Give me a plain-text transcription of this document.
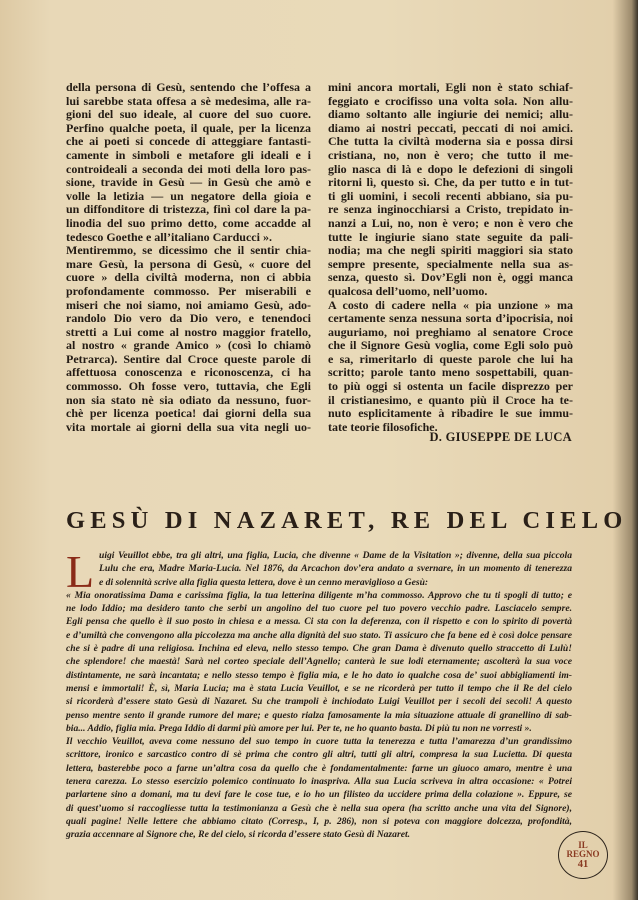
della persona di Gesù, sentendo che l’offesa a
lui sarebbe stata offesa a sè medesima, alle ra-
gioni del suo ideale, al cuore del suo cuore.
Perfino qualche poeta, il quale, per la licenza
che ai poeti si concede di atteggiare fantasti-
camente in simboli e metafore gli ideali e i
controideali a seconda dei moti della loro pas-
sione, travide in Gesù — in Gesù che amò e
volle la letizia — un negatore della gioia e
un diffonditore di tristezza, finì col dare la pa-
linodia del suo primo detto, come accadde al
tedesco Goethe e all’italiano Carducci ».
Mentiremmo, se dicessimo che il sentir chia-
mare Gesù, la persona di Gesù, « cuore del
cuore » della civiltà moderna, non ci abbia
profondamente commosso. Per miserabili e
miseri che noi siamo, noi amiamo Gesù, ado-
randolo Dio vero da Dio vero, e tenendoci
stretti a Lui come al nostro maggior fratello,
al nostro « grande Amico » (così lo chiamò
Petrarca). Sentire dal Croce queste parole di
affettuosa conoscenza e riconoscenza, ci ha
commosso. Oh fosse vero, tuttavia, che Egli
non sia stato nè sia odiato da nessuno, fuor-
chè per licenza poetica! dai giorni della sua
vita mortale ai giorni della sua vita negli uo-
mini ancora mortali, Egli non è stato schiaf-
feggiato e crocifisso una volta sola. Non allu-
diamo soltanto alle ingiurie dei nemici; allu-
diamo ai nostri peccati, peccati di noi amici.
Che tutta la civiltà moderna sia e possa dirsi
cristiana, no, non è vero; che tutto il me-
glio nasca di là e dopo le defezioni di singoli
ritorni lì, questo sì. Che, da per tutto e in tut-
ti gli uomini, i secoli recenti abbiano, sia pu-
re senza inginocchiarsi a Cristo, trepidato in-
nanzi a Lui, no, non è vero; e non è vero che
tutte le ingiurie siano state seguite da pali-
nodia; ma che negli spiriti maggiori sia stato
sempre presente, specialmente nella sua as-
senza, questo sì. Dov’Egli non è, oggi manca
qualcosa dell’uomo, nell’uomo.
A costo di cadere nella « pia unzione » ma
certamente senza nessuna sorta d’ipocrisia, noi
auguriamo, noi preghiamo al senatore Croce
che il Signore Gesù voglia, come Egli solo può
e sa, rimeritarlo di queste parole che lui ha
scritto; parole tanto meno sospettabili, quan-
to più oggi si ostenta un facile disprezzo per
il cristianesimo, e quanto più il Croce ha te-
nuto esplicitamente à ribadire le sue immu-
tate teorie filosofiche.
D. GIUSEPPE DE LUCA
GESÙ DI NAZARET, RE DEL CIELO
L uigi Veuillot ebbe, tra gli altri, una figlia, Lucia, che divenne « Dame de la Visitation »; divenne, della sua piccola
Lulu che era, Madre Maria-Lucia. Nel 1876, da Arcachon dov’era andato a svernare, in un momento di tenerezza
e di solennità scrive alla figlia questa lettera, dove è un cenno meraviglioso a Gesù:
« Mia onoratissima Dama e carissima figlia, la tua letterina diligente m’ha commosso. Approvo che tu ti spogli di tutto; e
ne lodo Iddio; ma desidero tanto che serbi un angolino del tuo cuore pel tuo povero vecchio padre. Lasciacelo sempre.
Egli pensa che quello è il suo posto in chiesa e a messa. Ci sta con la deferenza, con il rispetto e con lo spirito di povertà
e d’umiltà che convengono alla piccolezza ma anche alla dignità del suo stato. Ti assicuro che fa bene ed è così dolce pensare
che si è padre di una religiosa. Inchina ed eleva, nello stesso tempo. Che gran Dama è divenuto quello straccetto di Lulù!
che splendore! che maestà! Sarà nel corteo speciale dell’Agnello; canterà le sue lodi eternamente; ascolterà la sua voce
distintamente, ne sarà incantata; e nello stesso tempo è figlia mia, e le ho dato io qualche cosa de’ suoi abbigliamenti im-
mensi e immortali! È, sì, Maria Lucia; ma è stata Lucia Veuillot, e se ne ricorderà per tutto il tempo che il Re del cielo
si ricorderà d’essere stato Gesù di Nazaret. Su che trampoli è inchiodato Luigi Veuillot per i secoli dei secoli! A questo
penso mentre sento il grande rumore del mare; e questo rialza famosamente la mia situazione attuale di granellino di sab-
bia... Addio, figlia mia. Prega Iddio di darmi più amore per lui. Per te, ne ho quanto basta. Di più tu non ne vorresti ».
Il vecchio Veuillot, aveva come nessuno del suo tempo in cuore tutta la tenerezza e tutta l’amarezza d’un grandissimo
scrittore, ironico e sarcastico contro di sè prima che contro gli altri, tutti gli altri, compresa la sua Lucietta. Di questa
lettera, basterebbe poco a farne un’altra cosa da quello che è fondamentalmente: farne un giuoco amaro, mentre è una
tenera carezza. Lo stesso esercizio polemico continuato lo inaspriva. Alla sua Lucia scriveva in altra occasione: « Potrei
parlartene sino a domani, ma tu devi fare le cose tue, e io ho un filisteo da uccidere prima della colazione ». Eppure, se
di quest’uomo si raccogliesse tutta la testimonianza a Gesù che è nella sua opera (ha scritto anche una vita del Signore),
quali pagine! Nelle lettere che abbiamo citato (Corresp., I, p. 286), non si poteva con maggiore dolcezza, profondità,
grazia accennare al Signore che, Re del cielo, si ricorda d’essere stato Gesù di Nazaret.
IL
REGNO
41
